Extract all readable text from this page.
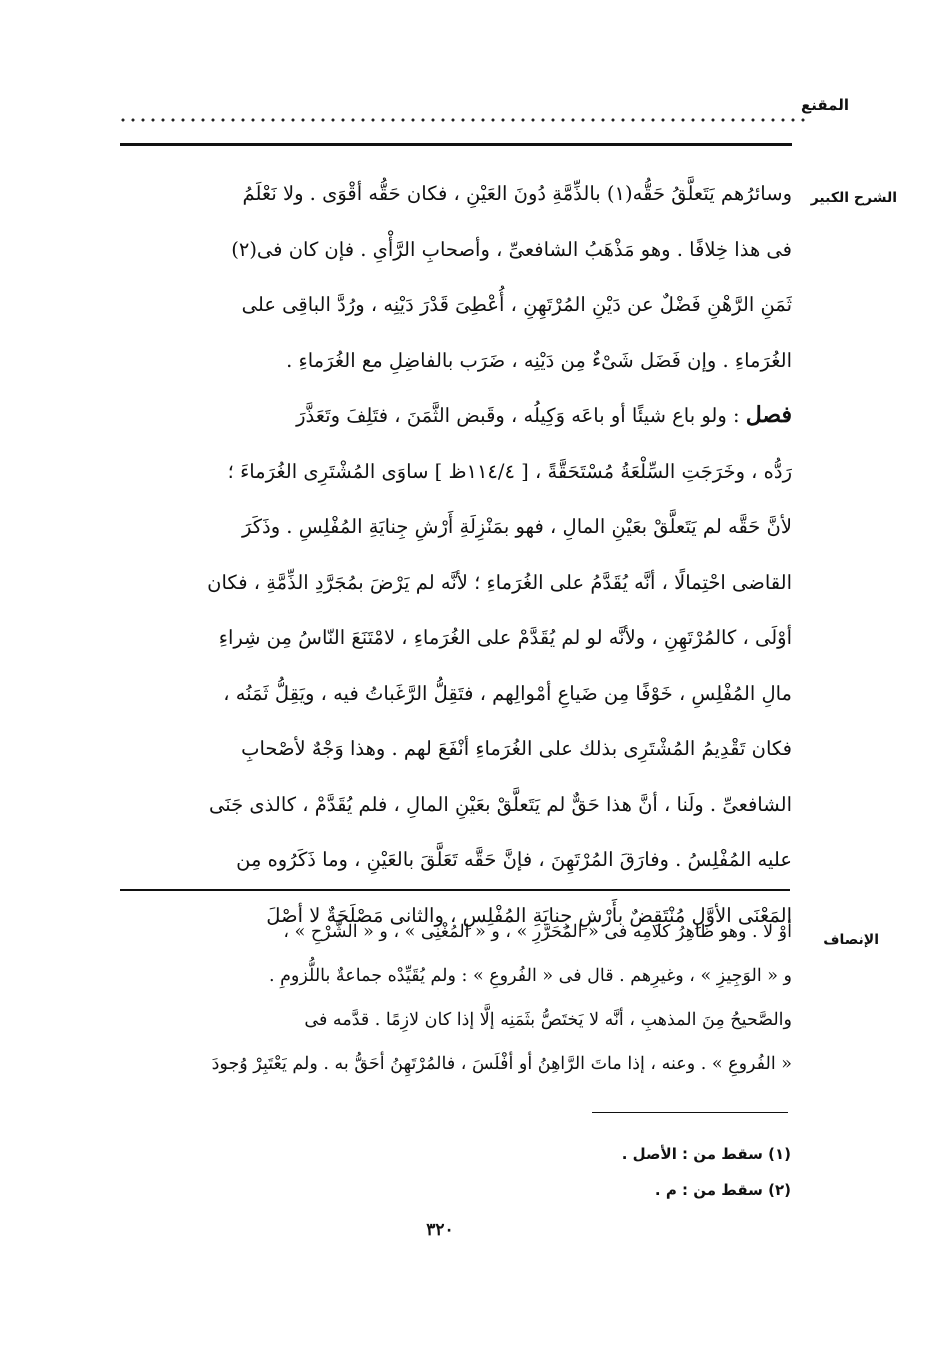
المقنع
الشرح الكبير
وسائرُهم يَتَعلَّقُ حَقُّه(١) بالذِّمَّةِ دُونَ العَيْنِ ، فكان حَقُّه أقْوَى . ولا نَعْلَمُ
فى هذا خِلافًا . وهو مَذْهَبُ الشافعىِّ ، وأصحابِ الرَّأْىِ . فإن كان فى(٢)
ثَمَنِ الرَّهْنِ فَضْلٌ عن دَيْنِ المُرْتَهِنِ ، أُعْطِىَ قَدْرَ دَيْنِه ، ورُدَّ الباقِى على
الغُرَماءِ . وإن فَضَل شَىْءٌ مِن دَيْنِه ، ضَرَب بالفاضِلِ مع الغُرَماءِ .
فصل : ولو باع شيئًا أو باعَه وَكِيلُه ، وقَبض الثَّمَنَ ، فتَلِفَ وتَعَذَّرَ
رَدُّه ، وخَرَجَتِ السِّلْعَةُ مُسْتَحَقَّةً ، [ ١١٤/٤ظ ] ساوَى المُشْتَرِى الغُرَماءَ ؛
لأنَّ حَقَّه لم يَتَعلَّقْ بعَيْنِ المالِ ، فهو بمَنْزِلَةِ أَرْشِ جِنايَةِ المُفْلِسِ . وذَكَرَ
القاضى احْتِمالًا ، أنَّه يُقَدَّمُ على الغُرَماءِ ؛ لأنَّه لم يَرْضَ بمُجَرَّدِ الذِّمَّةِ ، فكان
أوْلَى ، كالمُرْتَهِنِ ، ولأنَّه لو لم يُقَدَّمْ على الغُرَماءِ ، لامْتَنَعَ النّاسُ مِن شِراءِ
مالِ المُفْلِسِ ، خَوْفًا مِن ضَياعِ أمْوالِهم ، فتَقِلُّ الرَّغَباتُ فيه ، ويَقِلُّ ثَمَنُه ،
فكان تَقْدِيمُ المُشْتَرِى بذلك على الغُرَماءِ أنْفَعَ لهم . وهذا وَجْهٌ لأصْحابِ
الشافعىِّ . ولَنا ، أنَّ هذا حَقٌّ لم يَتَعلَّقْ بعَيْنِ المالِ ، فلم يُقَدَّمْ ، كالذى جَنَى
عليه المُفْلِسُ . وفارَقَ المُرْتَهِنَ ، فإنَّ حَقَّه تَعَلَّقَ بالعَيْنِ ، وما ذَكَرُوه مِن
المَعْنَى الأوَّلِ مُنْتَقِضٌ بأَرْشِ جِنايَةِ المُفْلِسِ ، والثانى مَصْلَحَةٌ لا أصْلَ
الإنصاف
أوْ لا . وهو ظاهِرُ كلامِه فى « المُحَرَّرِ » ، و « المُغْنِى » ، و « الشَّرْحِ » ،
و « الوَجِيزِ » ، وغيرِهم . قال فى « الفُروعِ » : ولم يُقَيِّدْه جماعةٌ باللُّزومِ .
والصَّحيحُ مِنَ المذهبِ ، أنَّه لا يَختَصُّ بثَمَنِه إلَّا إذا كان لازِمًا . قدَّمه فى
« الفُروعِ » . وعنه ، إذا ماتَ الرَّاهِنُ أو أفْلَسَ ، فالمُرْتَهِنُ أحَقُّ به . ولم يَعْتَبِرْ وُجودَ
(١) سقط من : الأصل .
(٢) سقط من : م .
٣٢٠
